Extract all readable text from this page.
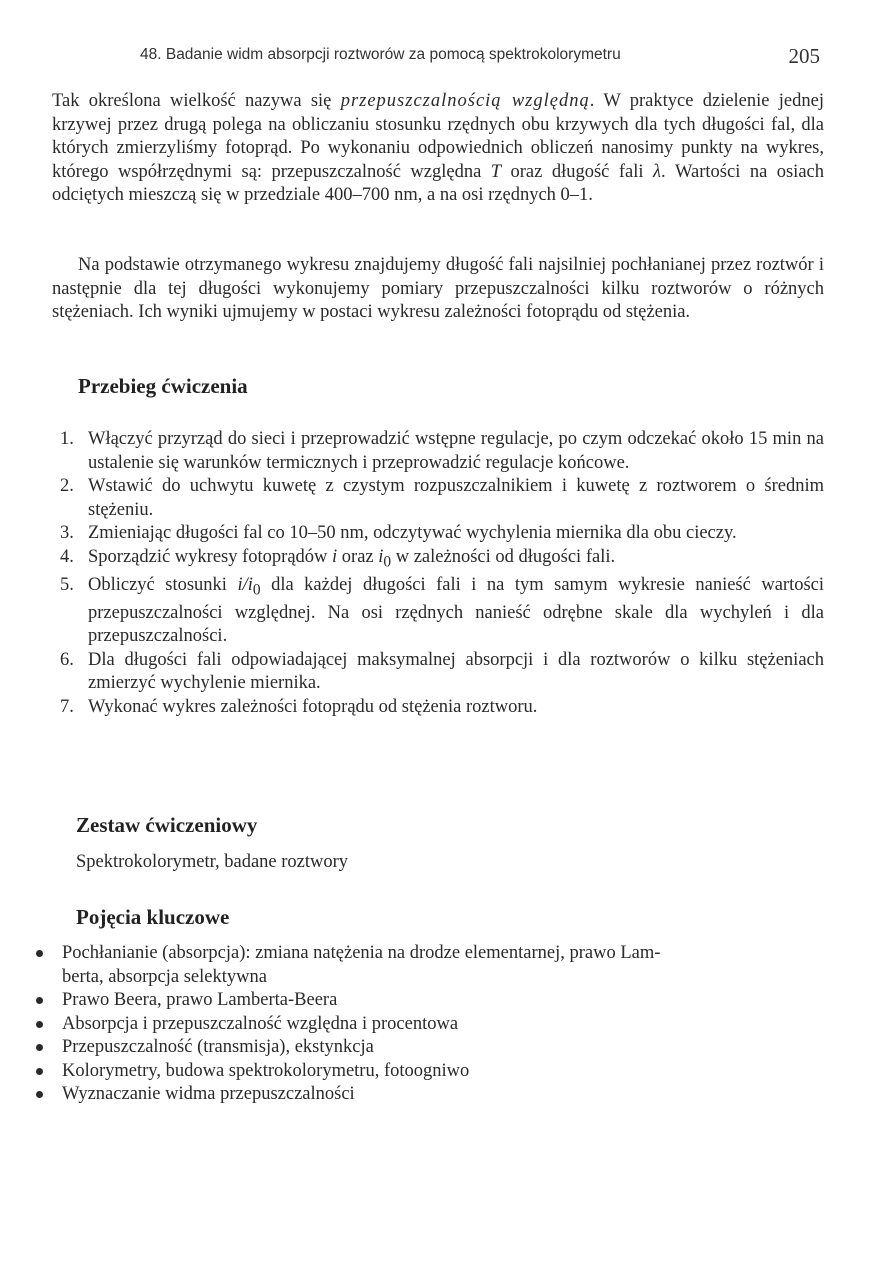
48. Badanie widm absorpcji roztworów za pomocą spektrokolorymetru	205

Tak określona wielkość nazywa się przepuszczalnością względną. W praktyce dzielenie jednej krzywej przez drugą polega na obliczaniu stosunku rzędnych obu krzywych dla tych długości fal, dla których zmierzyliśmy fotoprąd. Po wykonaniu odpowiednich obliczeń nanosimy punkty na wykres, którego współrzędnymi są: przepuszczalność względna T oraz długość fali λ. Wartości na osiach odciętych mieszczą się w przedziale 400–700 nm, a na osi rzędnych 0–1.

Na podstawie otrzymanego wykresu znajdujemy długość fali najsilniej pochłanianej przez roztwór i następnie dla tej długości wykonujemy pomiary przepuszczalności kilku roztworów o różnych stężeniach. Ich wyniki ujmujemy w postaci wykresu zależności fotoprądu od stężenia.

Przebieg ćwiczenia
1. Włączyć przyrząd do sieci i przeprowadzić wstępne regulacje, po czym odczekać około 15 min na ustalenie się warunków termicznych i przeprowadzić regulacje końcowe.
2. Wstawić do uchwytu kuwetę z czystym rozpuszczalnikiem i kuwetę z roztworem o średnim stężeniu.
3. Zmieniając długości fal co 10–50 nm, odczytywać wychylenia miernika dla obu cieczy.
4. Sporządzić wykresy fotoprądów i oraz $i_0$ w zależności od długości fali.
5. Obliczyć stosunki $i/i_0$ dla każdej długości fali i na tym samym wykresie nanieść wartości przepuszczalności względnej. Na osi rzędnych nanieść odrębne skale dla wychyleń i dla przepuszczalności.
6. Dla długości fali odpowiadającej maksymalnej absorpcji i dla roztworów o kilku stężeniach zmierzyć wychylenie miernika.
7. Wykonać wykres zależności fotoprądu od stężenia roztworu.
Zestaw ćwiczeniowy

Spektrokolorymetr, badane roztwory

Pojęcia kluczowe
Pochłanianie (absorpcja): zmiana natężenia na drodze elementarnej, prawo Lam-
berta, absorpcja selektywna
Prawo Beera, prawo Lamberta-Beera
Absorpcja i przepuszczalność względna i procentowa
Przepuszczalność (transmisja), ekstynkcja
Kolorymetry, budowa spektrokolorymetru, fotoogniwo
Wyznaczanie widma przepuszczalności
